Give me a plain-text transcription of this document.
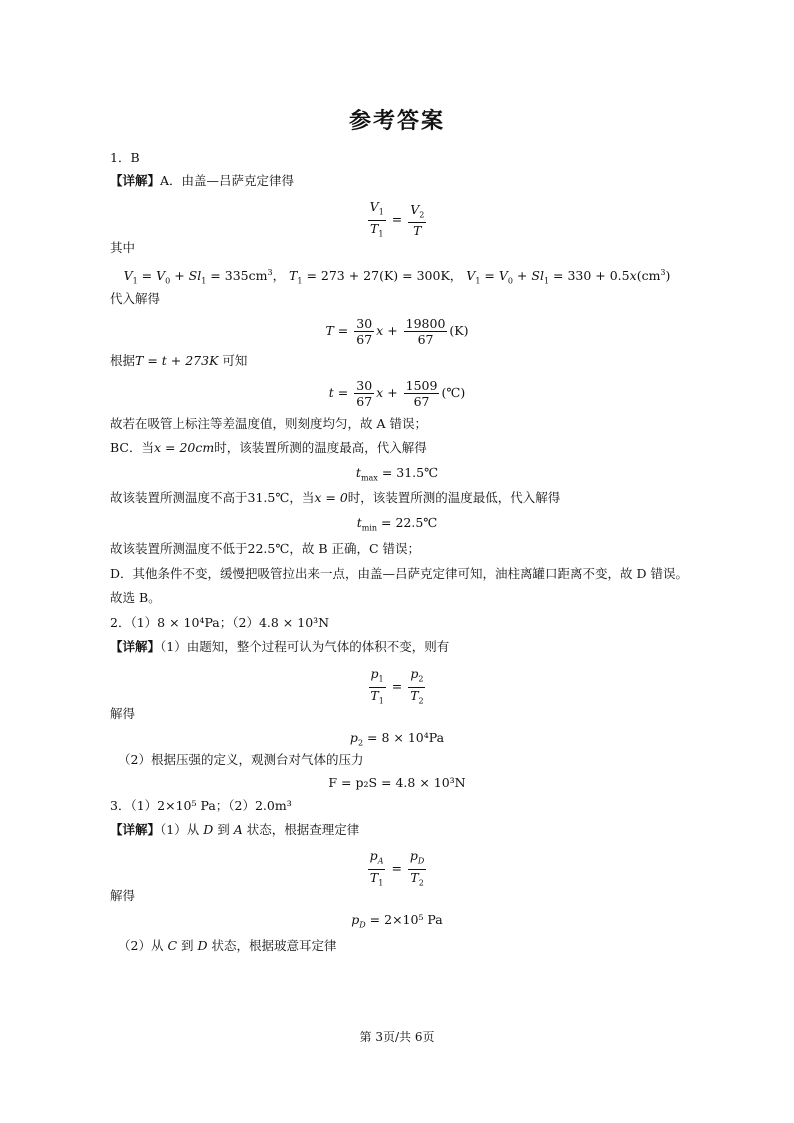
参考答案
1．B
【详解】A．由盖—吕萨克定律得
$\frac{V_1}{T_1} = \frac{V_2}{T}$
其中
$V_1 = V_0 + Sl_1 = 335cm^3$， $T_1 = 273 + 27(K) = 300K$， $V_1 = V_0 + Sl_1 = 330 + 0.5x(cm^3)$
代入解得
$T = \frac{30}{67}$ $x + \frac{19800}{67} (K)$
根据T = t + 273K 可知
$t = \frac{30}{67}$ $x + \frac{1509}{67}$ (℃)
故若在吸管上标注等差温度值，则刻度均匀，故 A 错误；
BC．当x = 20cm时，该装置所测的温度最高，代入解得
$t_{max}$ = 31.5℃
故该装置所测温度不高于31.5℃，当x = 0时，该装置所测的温度最低，代入解得
$t_{min}$ = 22.5℃
故该装置所测温度不低于22.5℃，故 B 正确，C 错误；
D．其他条件不变，缓慢把吸管拉出来一点，由盖—吕萨克定律可知，油柱离罐口距离不变，故 D 错误。
故选 B。
2．（1）8 × 10⁴Pa；（2）4.8 × 10³N
【详解】（1）由题知，整个过程可认为气体的体积不变，则有
$\frac{p_1}{T_1} = \frac{p_2}{T_2}$
解得
$p_2 = 8 \times 10^4Pa$
（2）根据压强的定义，观测台对气体的压力
F = p₂S = 4.8 × 10³N
3．（1）2×10⁵ Pa；（2）2.0m³
【详解】（1）从 D 到 A 状态，根据查理定律
$\frac{p_A}{T_1} = \frac{p_D}{T_2}$
解得
$p_D = 2\times 10^5$ Pa
（2）从 C 到 D 状态，根据玻意耳定律
第 3页/共 6页
